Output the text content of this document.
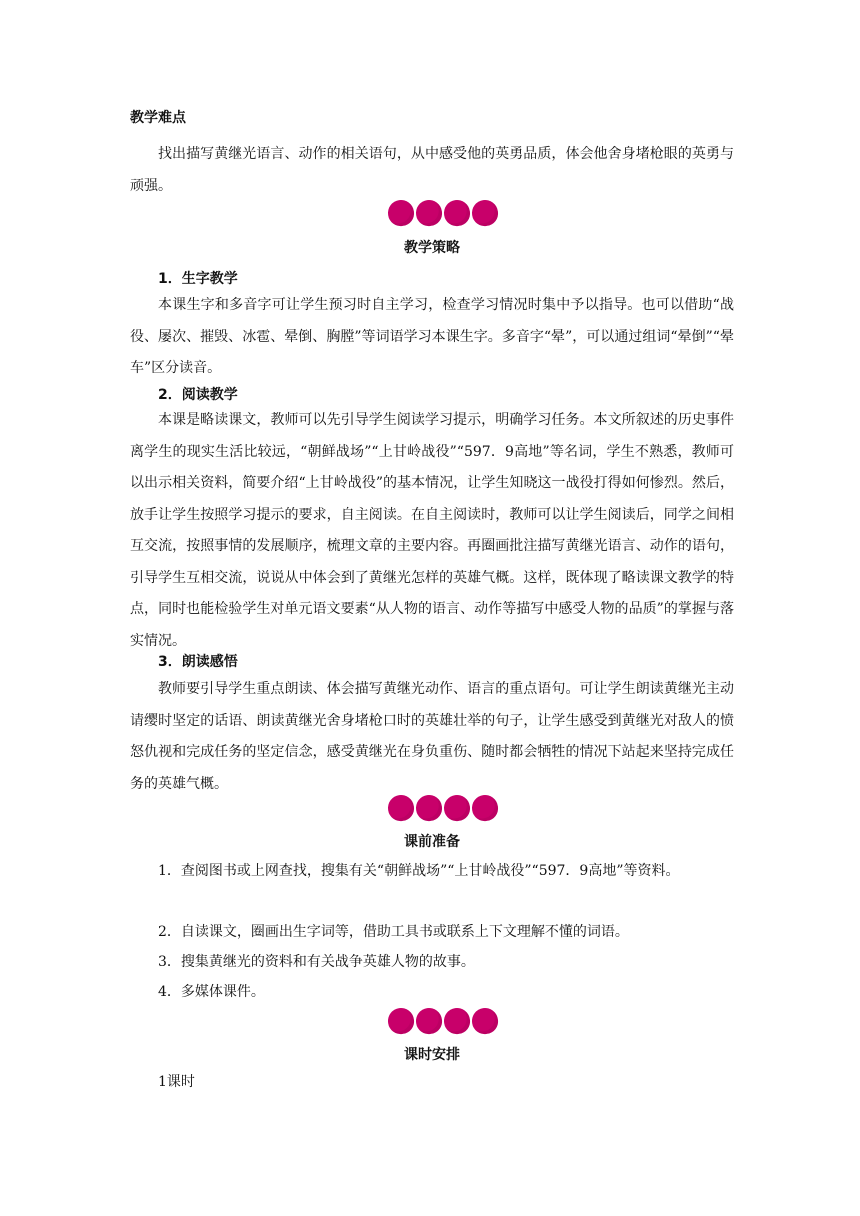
教学难点
找出描写黄继光语言、动作的相关语句，从中感受他的英勇品质，体会他舍身堵枪眼的英勇与顽强。
教学策略
1．生字教学
本课生字和多音字可让学生预习时自主学习，检查学习情况时集中予以指导。也可以借助“战役、屡次、摧毁、冰雹、晕倒、胸膛”等词语学习本课生字。多音字“晕”，可以通过组词“晕倒”“晕车”区分读音。
2．阅读教学
本课是略读课文，教师可以先引导学生阅读学习提示，明确学习任务。本文所叙述的历史事件离学生的现实生活比较远，“朝鲜战场”“上甘岭战役”“597．9高地”等名词，学生不熟悉，教师可以出示相关资料，简要介绍“上甘岭战役”的基本情况，让学生知晓这一战役打得如何惨烈。然后，放手让学生按照学习提示的要求，自主阅读。在自主阅读时，教师可以让学生阅读后，同学之间相互交流，按照事情的发展顺序，梳理文章的主要内容。再圈画批注描写黄继光语言、动作的语句，引导学生互相交流，说说从中体会到了黄继光怎样的英雄气概。这样，既体现了略读课文教学的特点，同时也能检验学生对单元语文要素“从人物的语言、动作等描写中感受人物的品质”的掌握与落实情况。
3．朗读感悟
教师要引导学生重点朗读、体会描写黄继光动作、语言的重点语句。可让学生朗读黄继光主动请缨时坚定的话语、朗读黄继光舍身堵枪口时的英雄壮举的句子，让学生感受到黄继光对敌人的愤怒仇视和完成任务的坚定信念，感受黄继光在身负重伤、随时都会牺牲的情况下站起来坚持完成任务的英雄气概。
课前准备
1．查阅图书或上网查找，搜集有关“朝鲜战场”“上甘岭战役”“597．9高地”等资料。
2．自读课文，圈画出生字词等，借助工具书或联系上下文理解不懂的词语。
3．搜集黄继光的资料和有关战争英雄人物的故事。
4．多媒体课件。
课时安排
1课时
